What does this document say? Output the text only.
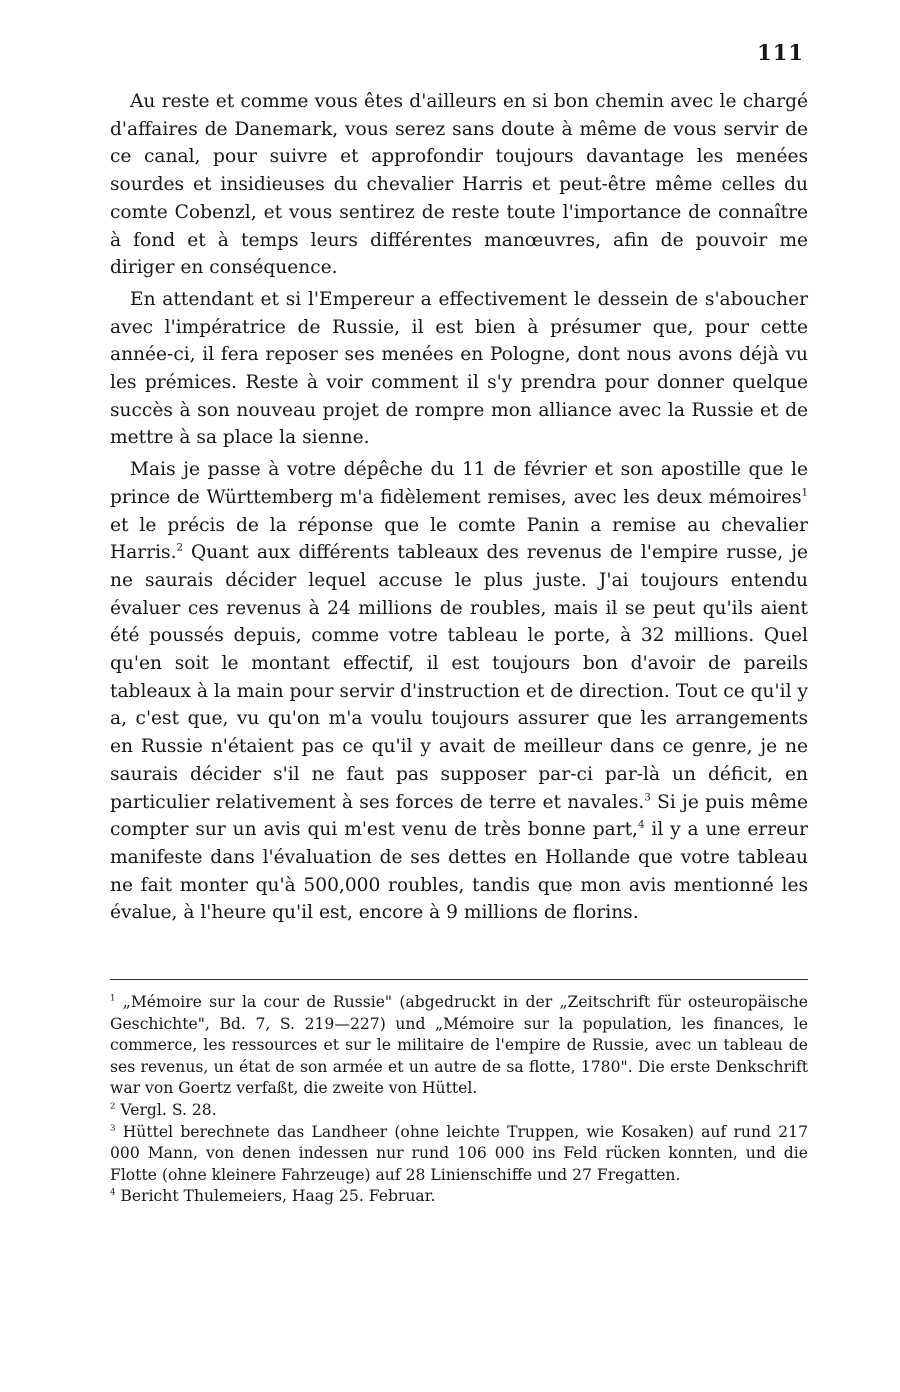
111

Au reste et comme vous êtes d'ailleurs en si bon chemin avec le chargé d'affaires de Danemark, vous serez sans doute à même de vous servir de ce canal, pour suivre et approfondir toujours davantage les menées sourdes et insidieuses du chevalier Harris et peut-être même celles du comte Cobenzl, et vous sentirez de reste toute l'importance de connaître à fond et à temps leurs différentes manœuvres, afin de pouvoir me diriger en conséquence.

En attendant et si l'Empereur a effectivement le dessein de s'aboucher avec l'impératrice de Russie, il est bien à présumer que, pour cette année-ci, il fera reposer ses menées en Pologne, dont nous avons déjà vu les prémices. Reste à voir comment il s'y prendra pour donner quelque succès à son nouveau projet de rompre mon alliance avec la Russie et de mettre à sa place la sienne.

Mais je passe à votre dépêche du 11 de février et son apostille que le prince de Württemberg m'a fidèlement remises, avec les deux mémoires$^1$ et le précis de la réponse que le comte Panin a remise au chevalier Harris.$^2$ Quant aux différents tableaux des revenus de l'empire russe, je ne saurais décider lequel accuse le plus juste. J'ai toujours entendu évaluer ces revenus à 24 millions de roubles, mais il se peut qu'ils aient été poussés depuis, comme votre tableau le porte, à 32 millions. Quel qu'en soit le montant effectif, il est toujours bon d'avoir de pareils tableaux à la main pour servir d'instruction et de direction. Tout ce qu'il y a, c'est que, vu qu'on m'a voulu toujours assurer que les arrangements en Russie n'étaient pas ce qu'il y avait de meilleur dans ce genre, je ne saurais décider s'il ne faut pas supposer par-ci par-là un déficit, en particulier relativement à ses forces de terre et navales.$^3$ Si je puis même compter sur un avis qui m'est venu de très bonne part,$^4$ il y a une erreur manifeste dans l'évaluation de ses dettes en Hollande que votre tableau ne fait monter qu'à 500,000 roubles, tandis que mon avis mentionné les évalue, à l'heure qu'il est, encore à 9 millions de florins.

$^1$ „Mémoire sur la cour de Russie" (abgedruckt in der „Zeitschrift für osteuropäische Geschichte", Bd. 7, S. 219—227) und „Mémoire sur la population, les finances, le commerce, les ressources et sur le militaire de l'empire de Russie, avec un tableau de ses revenus, un état de son armée et un autre de sa flotte, 1780". Die erste Denkschrift war von Goertz verfaßt, die zweite von Hüttel.
$^2$ Vergl. S. 28.
$^3$ Hüttel berechnete das Landheer (ohne leichte Truppen, wie Kosaken) auf rund 217 000 Mann, von denen indessen nur rund 106 000 ins Feld rücken konnten, und die Flotte (ohne kleinere Fahrzeuge) auf 28 Linienschiffe und 27 Fregatten.
$^4$ Bericht Thulemeiers, Haag 25. Februar.
